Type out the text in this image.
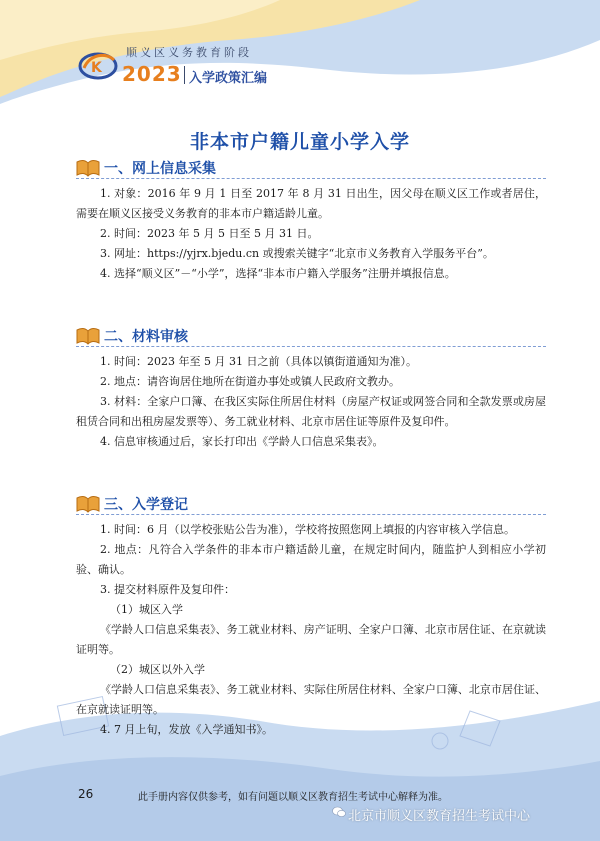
K
顺义区义务教育阶段
2023 入学政策汇编
非本市户籍儿童小学入学
一、网上信息采集

1. 对象：2016 年 9 月 1 日至 2017 年 8 月 31 日出生，因父母在顺义区工作或者居住，需要在顺义区接受义务教育的非本市户籍适龄儿童。

2. 时间：2023 年 5 月 5 日至 5 月 31 日。

3. 网址：https://yjrx.bjedu.cn 或搜索关键字“北京市义务教育入学服务平台”。

4. 选择“顺义区”－“小学”，选择“非本市户籍入学服务”注册并填报信息。

二、材料审核

1. 时间：2023 年至 5 月 31 日之前（具体以镇街道通知为准）。

2. 地点：请咨询居住地所在街道办事处或镇人民政府文教办。

3. 材料：全家户口簿、在我区实际住所居住材料（房屋产权证或网签合同和全款发票或房屋租赁合同和出租房屋发票等）、务工就业材料、北京市居住证等原件及复印件。

4. 信息审核通过后，家长打印出《学龄人口信息采集表》。

三、入学登记

1. 时间：6 月（以学校张贴公告为准），学校将按照您网上填报的内容审核入学信息。

2. 地点：凡符合入学条件的非本市户籍适龄儿童，在规定时间内，随监护人到相应小学初验、确认。

3. 提交材料原件及复印件：

（1）城区入学

《学龄人口信息采集表》、务工就业材料、房产证明、全家户口簿、北京市居住证、在京就读证明等。

（2）城区以外入学

《学龄人口信息采集表》、务工就业材料、实际住所居住材料、全家户口簿、北京市居住证、在京就读证明等。

4. 7 月上旬，发放《入学通知书》。

26	此手册内容仅供参考，如有问题以顺义区教育招生考试中心解释为准。
北京市顺义区教育招生考试中心
